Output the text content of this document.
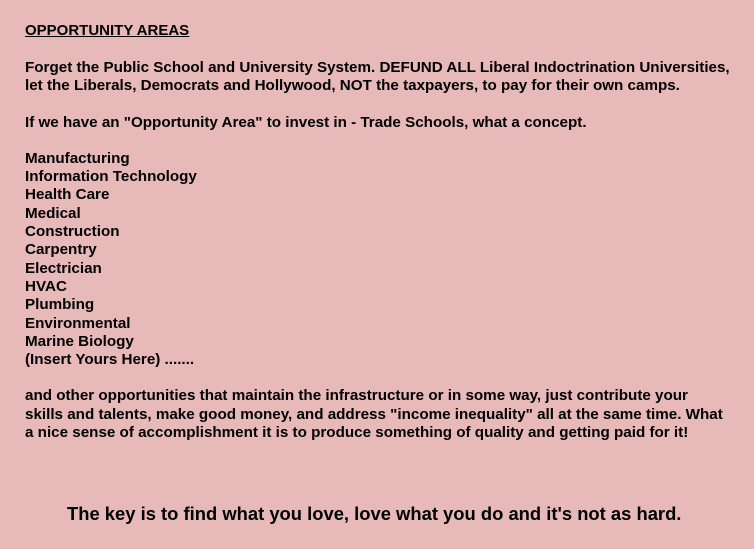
OPPORTUNITY AREAS

Forget the Public School and University System. DEFUND ALL Liberal Indoctrination Universities, let the Liberals, Democrats and Hollywood, NOT the taxpayers, to pay for their own camps.

If we have an "Opportunity Area" to invest in - Trade Schools, what a concept.

Manufacturing
Information Technology
Health Care
Medical
Construction
Carpentry
Electrician
HVAC
Plumbing
Environmental
Marine Biology
(Insert Yours Here) .......

and other opportunities that maintain the infrastructure or in some way, just contribute your skills and talents, make good money, and address "income inequality" all at the same time. What a nice sense of accomplishment it is to produce something of quality and getting paid for it!

The key is to find what you love, love what you do and it's not as hard.
